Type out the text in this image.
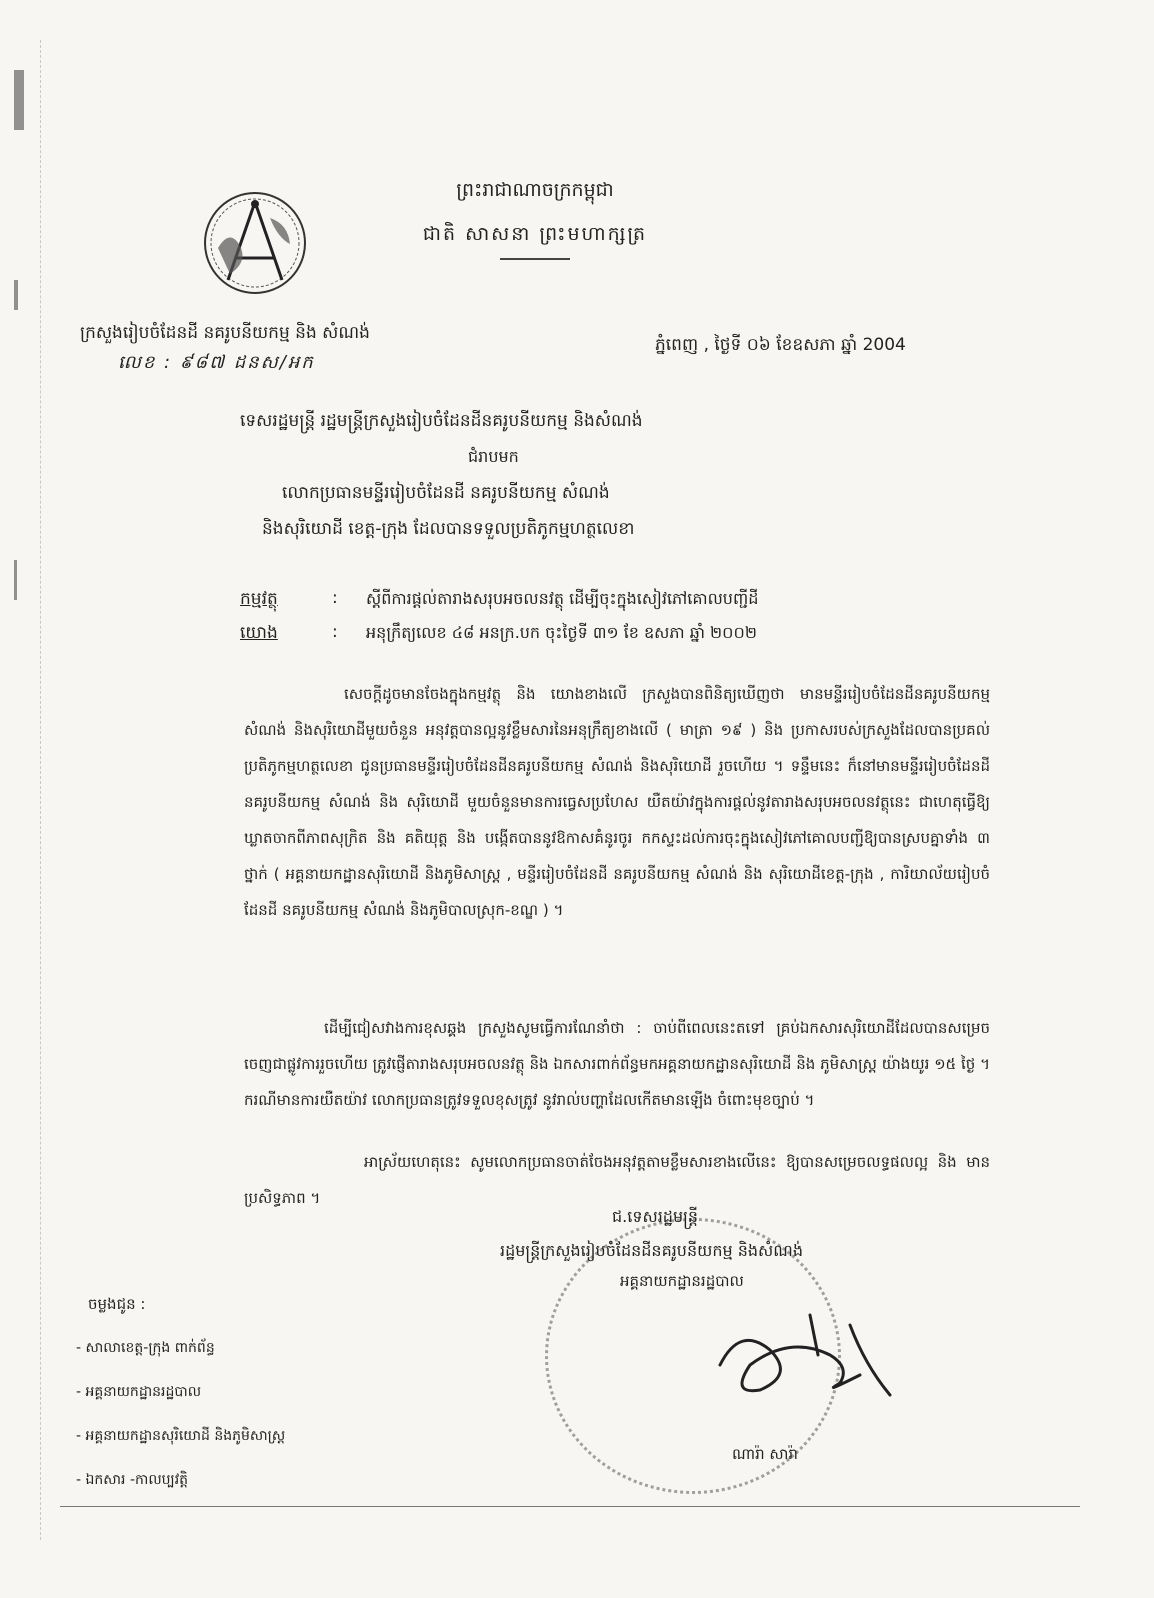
ព្រះរាជាណាចក្រកម្ពុជា
ជាតិ សាសនា ព្រះមហាក្សត្រ
ក្រសួងរៀបចំដែនដី នគរូបនីយកម្ម និង សំណង់
លេខ : ៩៨៧ ដនស/អក
ភ្នំពេញ , ថ្ងៃទី ០៦ ខែឧសភា ឆ្នាំ 2004
ទេសរដ្ឋមន្ត្រី រដ្ឋមន្ត្រីក្រសួងរៀបចំដែនដីនគរូបនីយកម្ម និងសំណង់
ជំរាបមក
លោកប្រធានមន្ទីររៀបចំដែនដី នគរូបនីយកម្ម សំណង់
និងសុរិយោដី ខេត្ត-ក្រុង ដែលបានទទួលប្រតិភូកម្មហត្ថលេខា
កម្មវត្ថុ	: ស្តីពីការផ្តល់តារាងសរុបអចលនវត្ថុ ដើម្បីចុះក្នុងសៀវភៅគោលបញ្ជីដី
យោង	: អនុក្រឹត្យលេខ ៤៨ អនក្រ.បក ចុះថ្ងៃទី ៣១ ខែ ឧសភា ឆ្នាំ ២០០២
សេចក្តីដូចមានចែងក្នុងកម្មវត្ថុ និង យោងខាងលើ ក្រសួងបានពិនិត្យឃើញថា មានមន្ទីររៀបចំដែនដីនគរូបនីយកម្ម សំណង់ និងសុរិយោដីមួយចំនួន អនុវត្តបានល្អនូវខ្លឹមសារនៃអនុក្រឹត្យខាងលើ ( មាត្រា ១៩ ) និង ប្រកាសរបស់ក្រសួងដែលបានប្រគល់ប្រតិភូកម្មហត្ថលេខា ជូនប្រធានមន្ទីររៀបចំដែនដីនគរូបនីយកម្ម សំណង់ និងសុរិយោដី រួចហើយ ។ ទន្ទឹមនេះ ក៏នៅមានមន្ទីររៀបចំដែនដី នគរូបនីយកម្ម សំណង់ និង សុរិយោដី មួយចំនួនមានការធ្វេសប្រហែស យឺតយ៉ាវក្នុងការផ្តល់នូវតារាងសរុបអចលនវត្ថុនេះ ជាហេតុធ្វើឱ្យឃ្លាតចាកពីភាពសុក្រិត និង គតិយុត្ត និង បង្កើតបាននូវឱកាសគំនូរចូរ កកស្ទះដល់ការចុះក្នុងសៀវភៅគោលបញ្ជីឱ្យបានស្របគ្នាទាំង ៣ ថ្នាក់ ( អគ្គនាយកដ្ឋានសុរិយោដី និងភូមិសាស្ត្រ , មន្ទីររៀបចំដែនដី នគរូបនីយកម្ម សំណង់ និង សុរិយោដីខេត្ត-ក្រុង , ការិយាល័យរៀបចំដែនដី នគរូបនីយកម្ម សំណង់ និងភូមិបាលស្រុក-ខណ្ឌ ) ។
ដើម្បីជៀសវាងការខុសឆ្គង ក្រសួងសូមធ្វើការណែនាំថា : ចាប់ពីពេលនេះតទៅ គ្រប់ឯកសារសុរិយោដីដែលបានសម្រេចចេញជាផ្លូវការរួចហើយ ត្រូវផ្ញើតារាងសរុបអចលនវត្ថុ និង ឯកសារពាក់ព័ន្ធមកអគ្គនាយកដ្ឋានសុរិយោដី និង ភូមិសាស្ត្រ យ៉ាងយូរ ១៥ ថ្ងៃ ។ ករណីមានការយឺតយ៉ាវ លោកប្រធានត្រូវទទួលខុសត្រូវ នូវរាល់បញ្ហាដែលកើតមានឡើង ចំពោះមុខច្បាប់ ។
អាស្រ័យហេតុនេះ សូមលោកប្រធានចាត់ចែងអនុវត្តតាមខ្លឹមសារខាងលើនេះ ឱ្យបានសម្រេចលទ្ធផលល្អ និង មានប្រសិទ្ធភាព ។
ជ.ទេសរដ្ឋមន្ត្រី
រដ្ឋមន្ត្រីក្រសួងរៀបចំដែនដីនគរូបនីយកម្ម និងសំណង់
អគ្គនាយកដ្ឋានរដ្ឋបាល
ណារ៉ា សារ៉ា
ចម្លងជូន :
- សាលាខេត្ត-ក្រុង ពាក់ព័ន្ធ
- អគ្គនាយកដ្ឋានរដ្ឋបាល
- អគ្គនាយកដ្ឋានសុរិយោដី និងភូមិសាស្ត្រ
- ឯកសារ -កាលប្បវត្តិ
